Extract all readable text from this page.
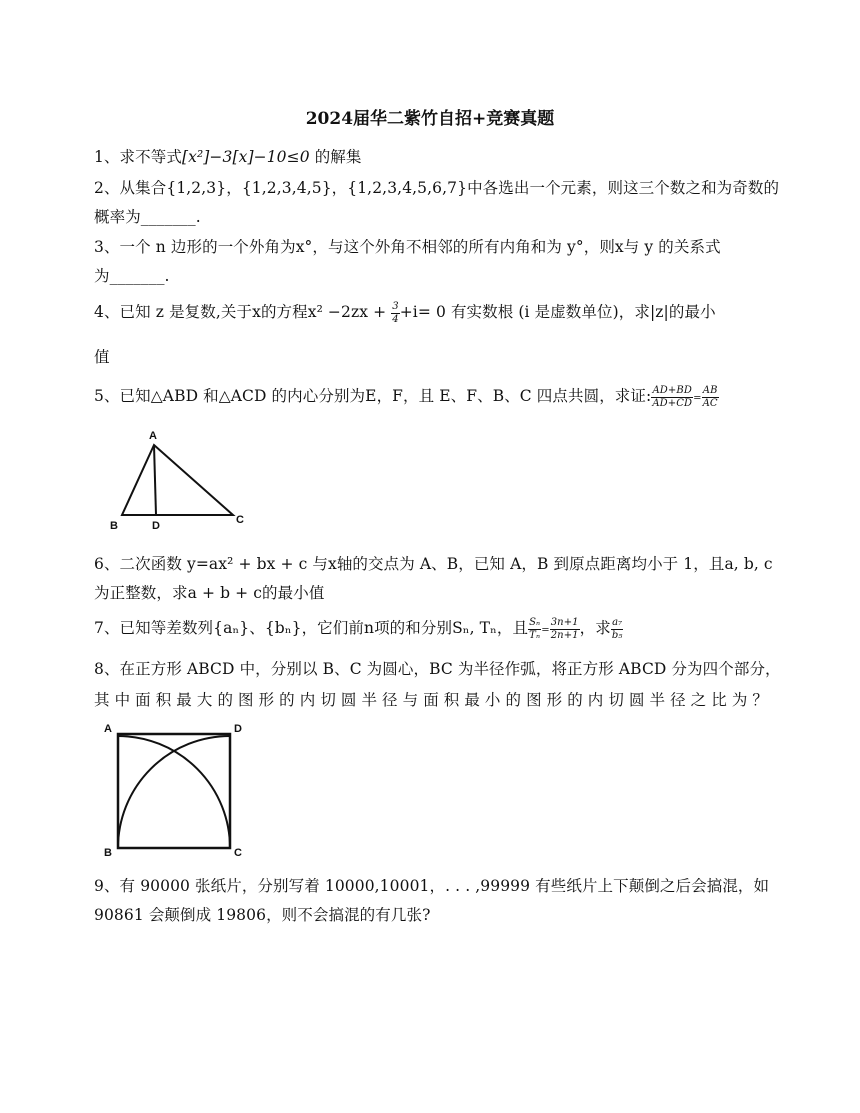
2024届华二紫竹自招+竞赛真题
1、求不等式[x²]−3[x]−10≤0 的解集
2、从集合{1,2,3}，{1,2,3,4,5}，{1,2,3,4,5,6,7}中各选出一个元素，则这三个数之和为奇数的
概率为_______.
3、一个 n 边形的一个外角为x°，与这个外角不相邻的所有内角和为 y°，则x与 y 的关系式
为_______.
4、已知 z 是复数,关于x的方程$x^2 -2zx + \frac{3}{4} +i= 0$ 有实数根 (i 是虚数单位)，求|z|的最小
值
5、已知△ABD 和△ACD 的内心分别为E，F，且 E、F、B、C 四点共圆，求证: $\frac{AD+BD}{AD+CD} = \frac{AB}{AC}$
A
B	D	C
6、二次函数 y=ax² + bx + c 与x轴的交点为 A、B，已知 A，B 到原点距离均小于 1，且a, b, c
为正整数，求a + b + c的最小值
7、已知等差数列{aₙ}、{bₙ}，它们前n项的和分别Sₙ, Tₙ，且 $\frac{\text{Sₙ}}{\text{Tₙ}} = \frac{3n+1}{2n+1}$ ，求 $\frac{\text{a₇}}{\text{b₅}}$
8、在正方形 ABCD 中，分别以 B、C 为圆心，BC 为半径作弧，将正方形 ABCD 分为四个部分，
其中面积最大的图形的内切圆半径与面积最小的图形的内切圆半径之比为？
A	D
B	C
9、有 90000 张纸片，分别写着 10000,10001，. . . ,99999 有些纸片上下颠倒之后会搞混，如
90861 会颠倒成 19806，则不会搞混的有几张?
